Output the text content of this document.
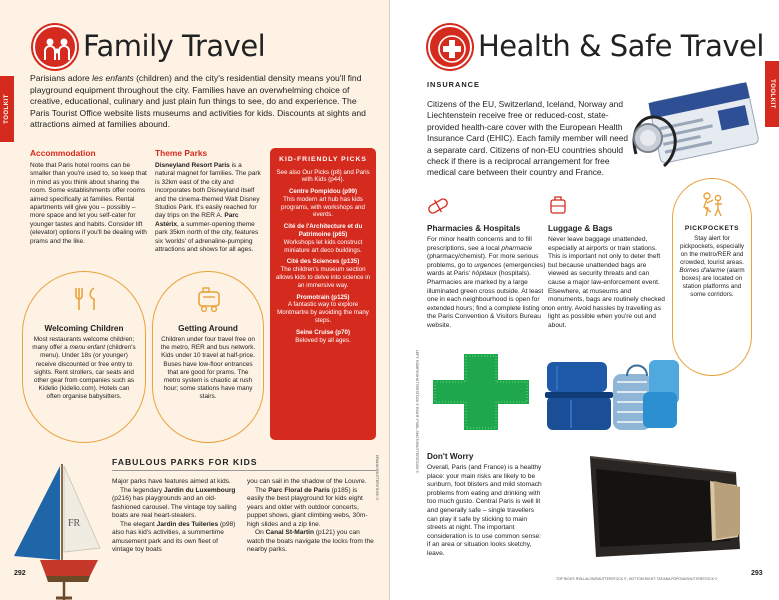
Family Travel
TOOLKIT
Parisians adore les enfants (children) and the city's residential density means you'll find playground equipment throughout the city. Families have an overwhelming choice of creative, educational, culinary and just plain fun things to see, do and experience. The Paris Tourist Office website lists museums and activities for kids. Discounts at sights and attractions aimed at families abound.
Accommodation
Note that Paris hotel rooms can be smaller than you're used to, so keep that in mind as you think about sharing the room. Some establishments offer rooms aimed specifically at families. Rental apartments will give you – possibly – more space and let you self-cater for younger tastes and habits. Consider lift (elevator) options if you'll be dealing with prams and the like.
Theme Parks
Disneyland Resort Paris is a natural magnet for families. The park is 32km east of the city and incorporates both Disneyland itself and the cinema-themed Walt Disney Studios Park. It's easily reached for day trips on the RER A. Parc Astérix, a summer-opening theme park 35km north of the city, features six 'worlds' of adrenaline-pumping attractions and shows for all ages.
KID-FRIENDLY PICKS
See also Our Picks (p8) and Paris with Kids (p44).
Centre Pompidou (p99)
This modern art hub has kids programs, with workshops and events.
Cité de l'Architecture et du Patrimoine (p65)
Workshops let kids construct miniature art deco buildings.
Cité des Sciences (p135)
The children's museum section allows kids to delve into science in an immersive way.
Promotrain (p125)
A fantastic way to explore Montmartre by avoiding the many steps.
Seine Cruise (p70)
Beloved by all ages.
Welcoming Children
Most restaurants welcome children; many offer a menu enfant (children's menu). Under 18s (or younger) receive discounted or free entry to sights. Rent strollers, car seats and other gear from companies such as Kidelio (kidelio.com). Hotels can often organise babysitters.
Getting Around
Children under four travel free on the metro, RER and bus network. Kids under 10 travel at half-price. Buses have low-floor entrances that are good for prams. The metro system is chaotic at rush hour; some stations have many stairs.
FR
FABULOUS PARKS FOR KIDS
Major parks have features aimed at kids.
The legendary Jardin du Luxembourg (p216) has playgrounds and an old-fashioned carousel. The vintage toy sailing boats are real heart-stealers.
The elegant Jardin des Tuileries (p98) also has kid's activities, a summertime amusement park and its own fleet of vintage toy boats
you can sail in the shadow of the Louvre.
The Parc Floral de Paris (p185) is easily the best playground for kids eight years and older with outdoor concerts, puppet shows, giant climbing webs, 30m-high slides and a zip line.
On Canal St-Martin (p121) you can watch the boats navigate the locks from the nearby parks.
HRANK/SHUTTERSTOCK ©
292
Health & Safe Travel
TOOLKIT
INSURANCE
Citizens of the EU, Switzerland, Iceland, Norway and Liechtenstein receive free or reduced-cost, state-provided health-care cover with the European Health Insurance Card (EHIC). Each family member will need a separate card. Citizens of non-EU countries should check if there is a reciprocal arrangement for free medical care between their country and France.
Pharmacies & Hospitals
For minor health concerns and to fill prescriptions, see a local pharmacie (pharmacy/chemist). For more serious problems, go to urgences (emergencies) wards at Paris' hôpitaux (hospitals). Pharmacies are marked by a large illuminated green cross outside. At least one in each neighbourhood is open for extended hours; find a complete listing on the Paris Convention & Visitors Bureau website.
Luggage & Bags
Never leave baggage unattended, especially at airports or train stations. This is important not only to deter theft but because unattended bags are viewed as security threats and can cause a major law-enforcement event. Elsewhere, at museums and monuments, bags are routinely checked on entry. Avoid hassles by travelling as light as possible when you're out and about.
PICKPOCKETS
Stay alert for pickpockets, especially on the metro/RER and crowded, tourist areas. Bornes d'alarme (alarm boxes) are located on station platforms and some corridors.
LEFT: ROMPK/SHUTTERSTOCK © RIGHT: PIXEL-SHOT/SHUTTERSTOCK © Don't Worry
Overall, Paris (and France) is a healthy place: your main risks are likely to be sunburn, foot blisters and mild stomach problems from eating and drinking with too much gusto. Central Paris is well lit and generally safe – single travellers can play it safe by sticking to main streets at night. The important consideration is to use common sense: if an area or situation looks sketchy, leave.
TOP RIGHT: RVILLALON/SHUTTERSTOCK © ; BOTTOM RIGHT: TATIANA POPOVA/SHUTTERSTOCK ©
293
